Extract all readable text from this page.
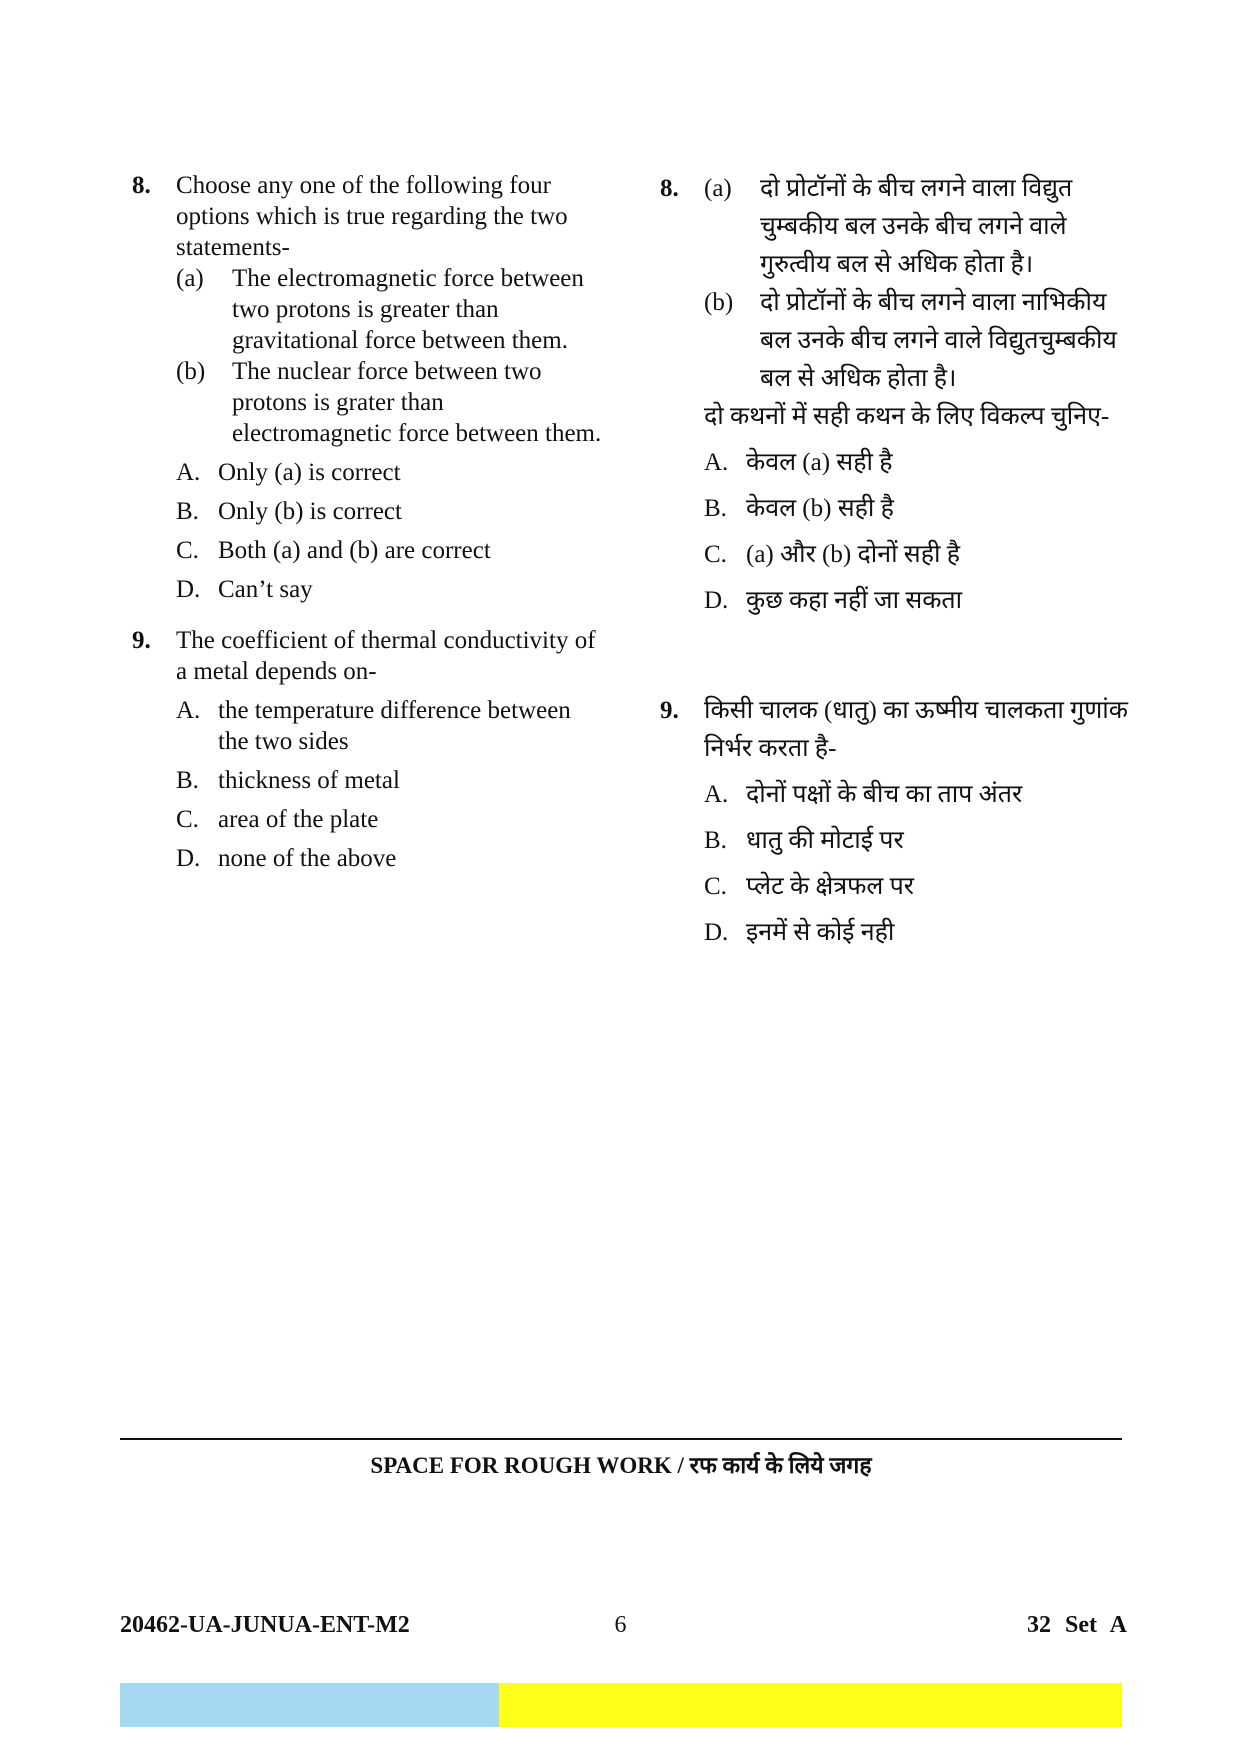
8. Choose any one of the following four options which is true regarding the two statements-
(a) The electromagnetic force between two protons is greater than gravitational force between them.
(b) The nuclear force between two protons is grater than electromagnetic force between them.
A. Only (a) is correct
B. Only (b) is correct
C. Both (a) and (b) are correct
D. Can’t say
9. The coefficient of thermal conductivity of a metal depends on-
A. the temperature difference between the two sides
B. thickness of metal
C. area of the plate
D. none of the above
8. (a) दो प्रोटॉनों के बीच लगने वाला विद्युत चुम्बकीय बल उनके बीच लगने वाले गुरुत्वीय बल से अधिक होता है।
(b) दो प्रोटॉनों के बीच लगने वाला नाभिकीय बल उनके बीच लगने वाले विद्युतचुम्बकीय बल से अधिक होता है।
दो कथनों में सही कथन के लिए विकल्प चुनिए-
A. केवल (a) सही है
B. केवल (b) सही है
C. (a) और (b) दोनों सही है
D. कुछ कहा नहीं जा सकता
9. किसी चालक (धातु) का ऊष्मीय चालकता गुणांक निर्भर करता है-
A. दोनों पक्षों के बीच का ताप अंतर
B. धातु की मोटाई पर
C. प्लेट के क्षेत्रफल पर
D. इनमें से कोई नही
SPACE FOR ROUGH WORK / रफ कार्य के लिये जगह
20462-UA-JUNUA-ENT-M2	6	32 Set A
